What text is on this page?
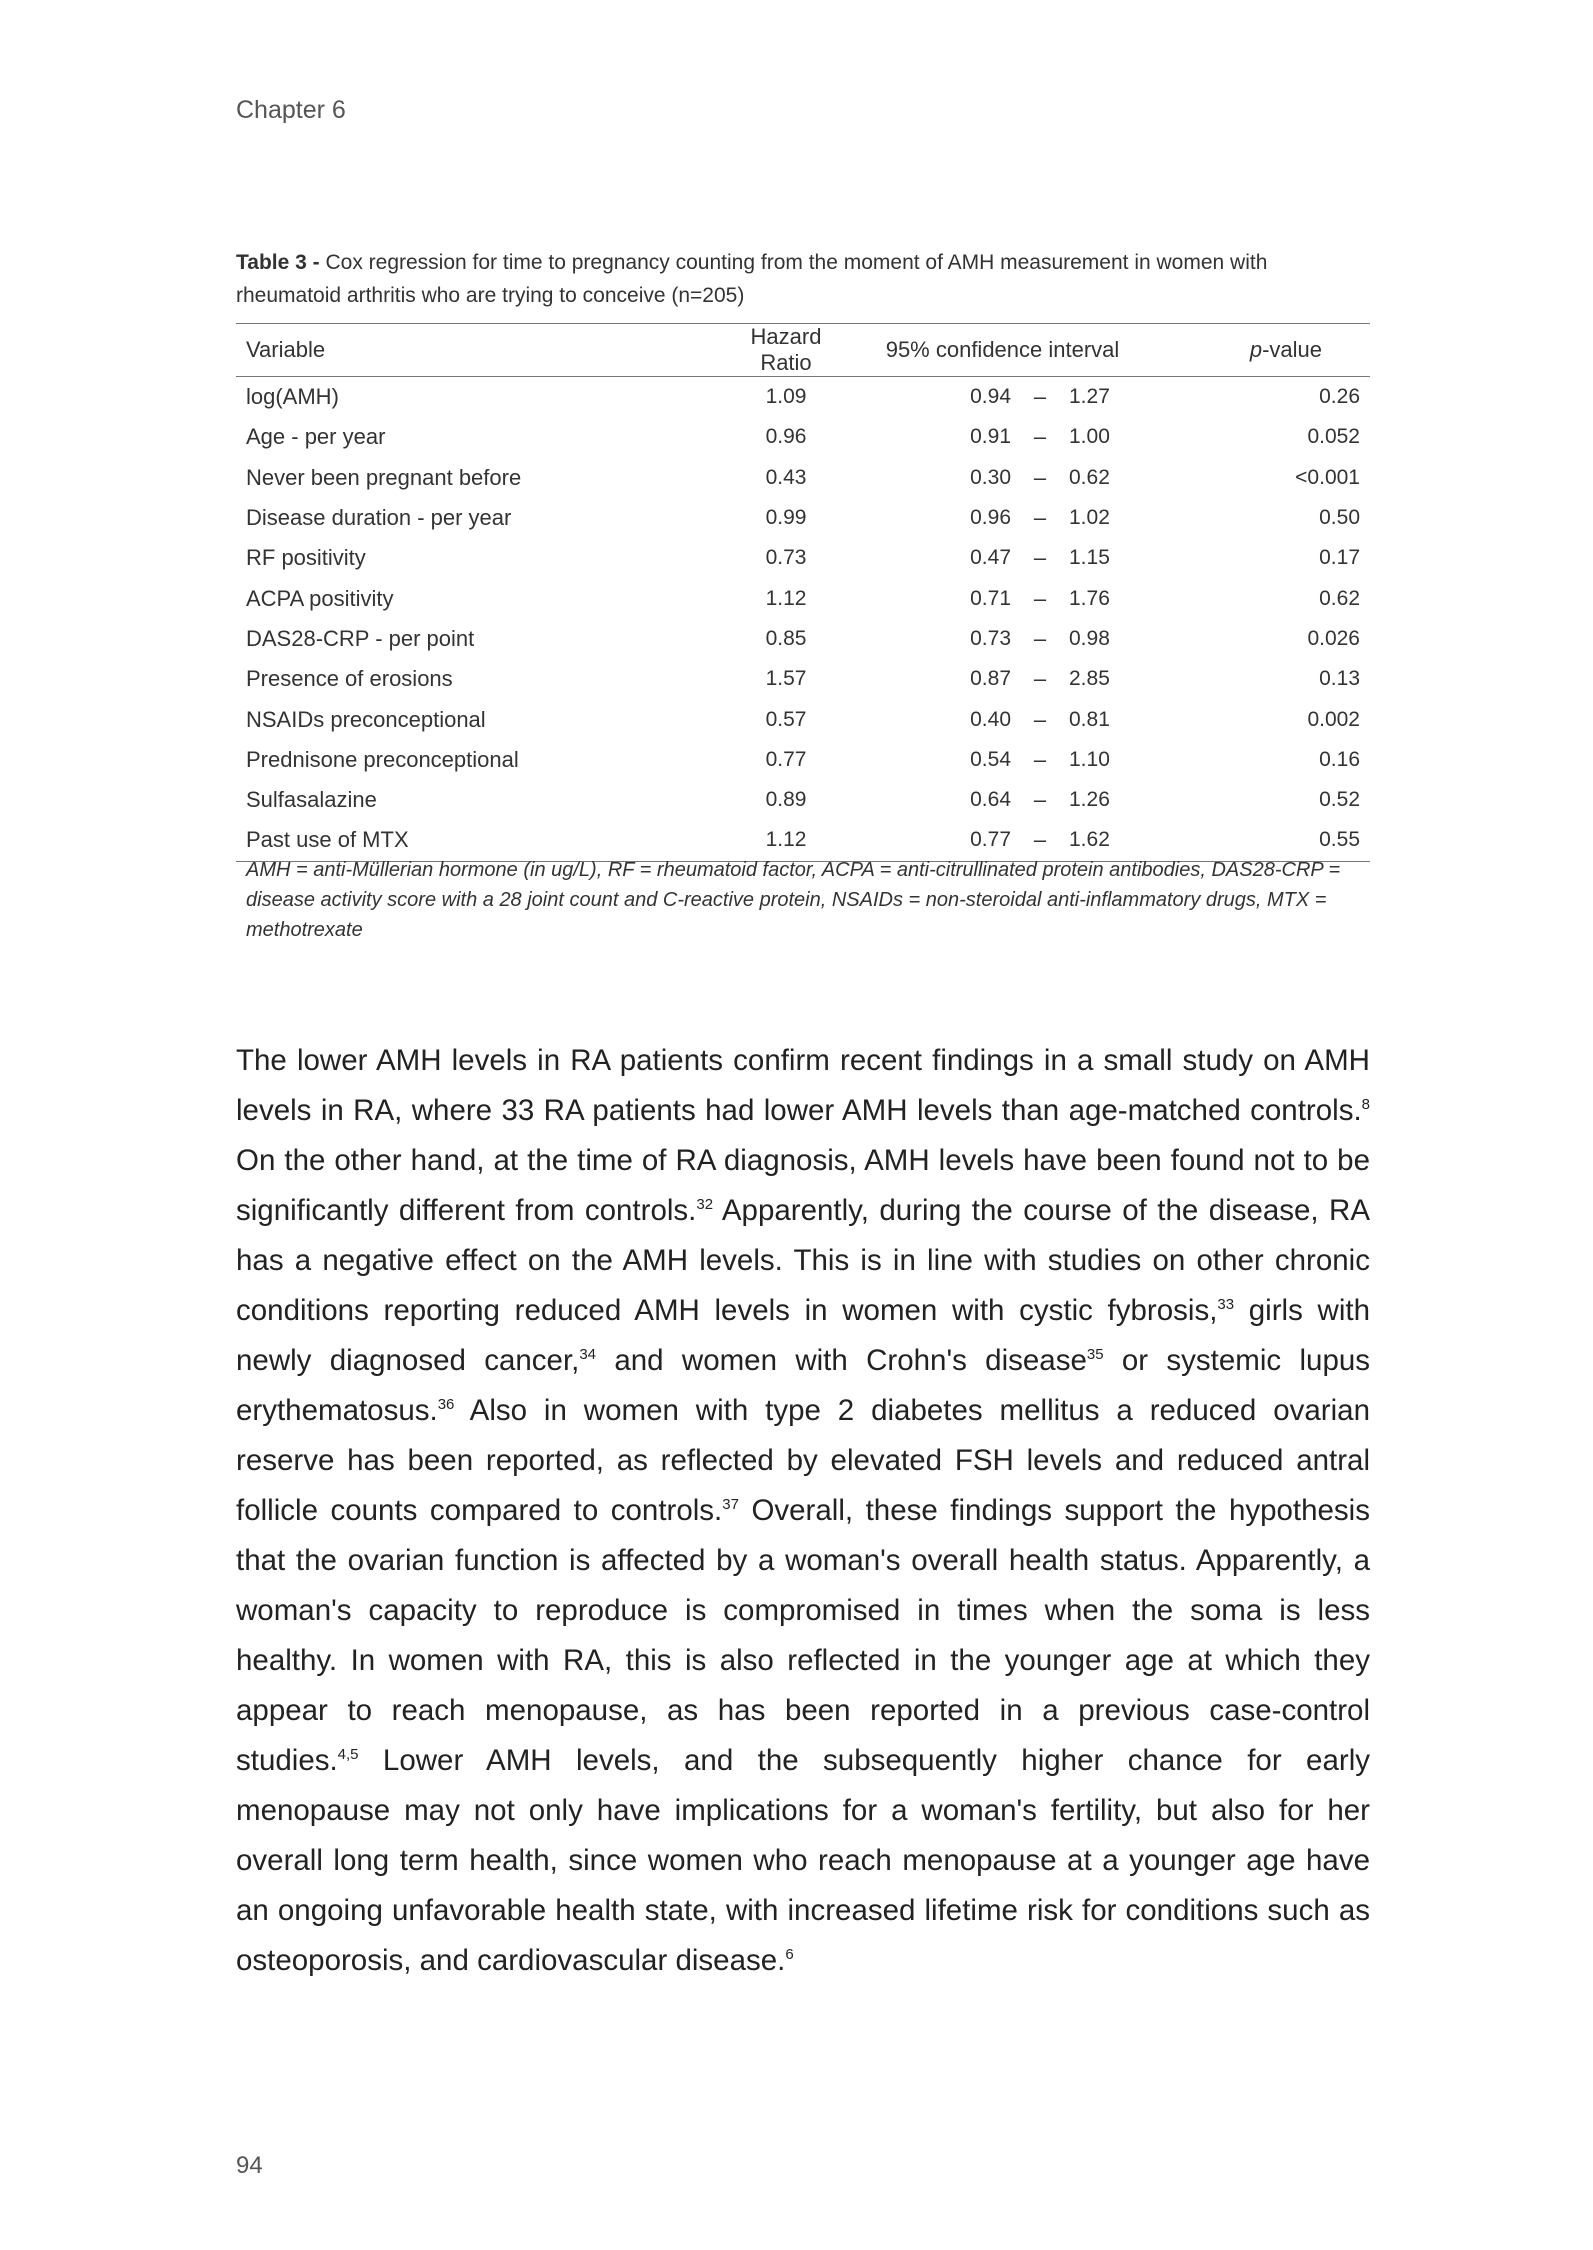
Chapter 6
Table 3 - Cox regression for time to pregnancy counting from the moment of AMH measurement in women with rheumatoid arthritis who are trying to conceive (n=205)
Variable	Hazard Ratio	95% confidence interval			p-value
log(AMH)	1.09	0.94	–	1.27	0.26
Age - per year	0.96	0.91	–	1.00	0.052
Never been pregnant before	0.43	0.30	–	0.62	<0.001
Disease duration - per year	0.99	0.96	–	1.02	0.50
RF positivity	0.73	0.47	–	1.15	0.17
ACPA positivity	1.12	0.71	–	1.76	0.62
DAS28-CRP - per point	0.85	0.73	–	0.98	0.026
Presence of erosions	1.57	0.87	–	2.85	0.13
NSAIDs preconceptional	0.57	0.40	–	0.81	0.002
Prednisone preconceptional	0.77	0.54	–	1.10	0.16
Sulfasalazine	0.89	0.64	–	1.26	0.52
Past use of MTX	1.12	0.77	–	1.62	0.55
AMH = anti-Müllerian hormone (in ug/L), RF = rheumatoid factor, ACPA = anti-citrullinated protein antibodies, DAS28-CRP = disease activity score with a 28 joint count and C-reactive protein, NSAIDs = non-steroidal anti-inflammatory drugs, MTX = methotrexate
The lower AMH levels in RA patients confirm recent findings in a small study on AMH levels in RA, where 33 RA patients had lower AMH levels than age-matched controls.$^8$ On the other hand, at the time of RA diagnosis, AMH levels have been found not to be significantly different from controls.$^{32}$ Apparently, during the course of the disease, RA has a negative effect on the AMH levels. This is in line with studies on other chronic conditions reporting reduced AMH levels in women with cystic fybrosis,$^{33}$ girls with newly diagnosed cancer,$^{34}$ and women with Crohn's disease$^{35}$ or systemic lupus erythematosus.$^{36}$ Also in women with type 2 diabetes mellitus a reduced ovarian reserve has been reported, as reflected by elevated FSH levels and reduced antral follicle counts compared to controls.$^{37}$ Overall, these findings support the hypothesis that the ovarian function is affected by a woman's overall health status. Apparently, a woman's capacity to reproduce is compromised in times when the soma is less healthy. In women with RA, this is also reflected in the younger age at which they appear to reach menopause, as has been reported in a previous case-control studies.$^{4,5}$ Lower AMH levels, and the subsequently higher chance for early menopause may not only have implications for a woman's fertility, but also for her overall long term health, since women who reach menopause at a younger age have an ongoing unfavorable health state, with increased lifetime risk for conditions such as osteoporosis, and cardiovascular disease.$^6$
94
